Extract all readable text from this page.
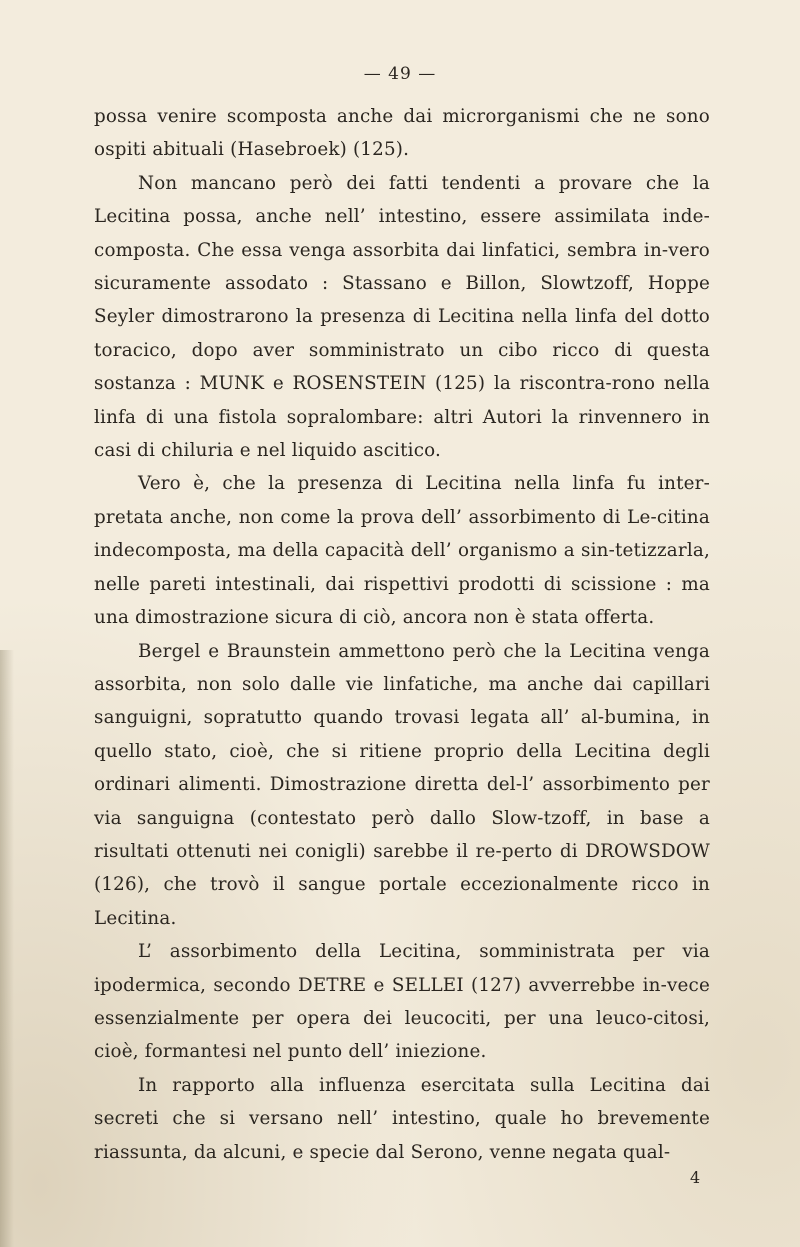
— 49 —

possa venire scomposta anche dai microrganismi che ne sono ospiti abituali (Hasebroek) (125).

Non mancano però dei fatti tendenti a provare che la Lecitina possa, anche nell’ intestino, essere assimilata inde-composta. Che essa venga assorbita dai linfatici, sembra in-vero sicuramente assodato : Stassano e Billon, Slowtzoff, Hoppe Seyler dimostrarono la presenza di Lecitina nella linfa del dotto toracico, dopo aver somministrato un cibo ricco di questa sostanza : MUNK e ROSENSTEIN (125) la riscontra-rono nella linfa di una fistola sopralombare: altri Autori la rinvennero in casi di chiluria e nel liquido ascitico.

Vero è, che la presenza di Lecitina nella linfa fu inter-pretata anche, non come la prova dell’ assorbimento di Le-citina indecomposta, ma della capacità dell’ organismo a sin-tetizzarla, nelle pareti intestinali, dai rispettivi prodotti di scissione : ma una dimostrazione sicura di ciò, ancora non è stata offerta.

Bergel e Braunstein ammettono però che la Lecitina venga assorbita, non solo dalle vie linfatiche, ma anche dai capillari sanguigni, sopratutto quando trovasi legata all’ al-bumina, in quello stato, cioè, che si ritiene proprio della Lecitina degli ordinari alimenti. Dimostrazione diretta del-l’ assorbimento per via sanguigna (contestato però dallo Slow-tzoff, in base a risultati ottenuti nei conigli) sarebbe il re-perto di DROWSDOW (126), che trovò il sangue portale eccezionalmente ricco in Lecitina.

L’ assorbimento della Lecitina, somministrata per via ipodermica, secondo DETRE e SELLEI (127) avverrebbe in-vece essenzialmente per opera dei leucociti, per una leuco-citosi, cioè, formantesi nel punto dell’ iniezione.

In rapporto alla influenza esercitata sulla Lecitina dai secreti che si versano nell’ intestino, quale ho brevemente riassunta, da alcuni, e specie dal Serono, venne negata qual-

4
